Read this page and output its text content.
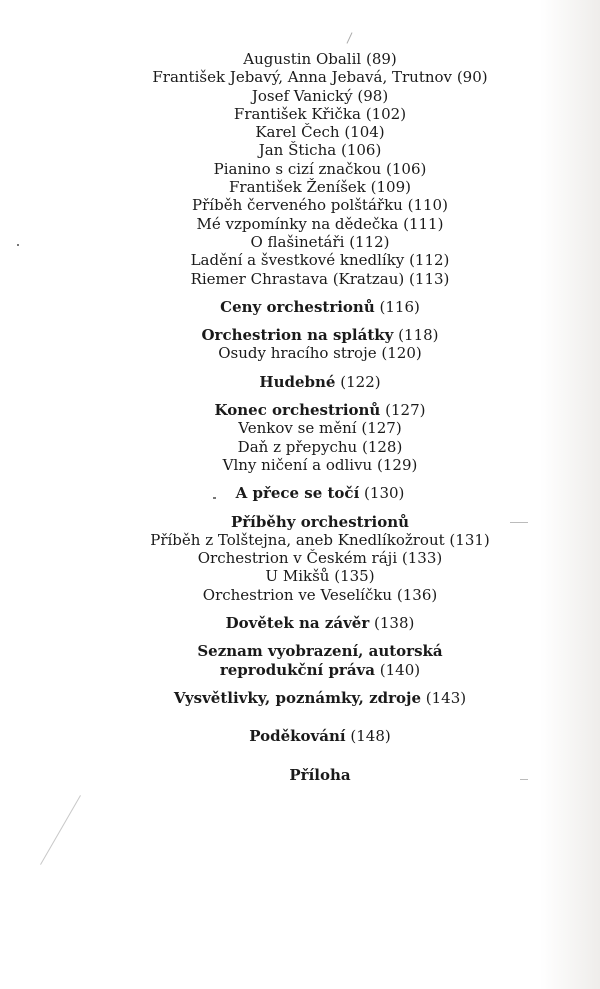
Augustin Obalil (89)
František Jebavý, Anna Jebavá, Trutnov (90)
Josef Vanický (98)
František Křička (102)
Karel Čech (104)
Jan Šticha (106)
Pianino s cizí značkou (106)
František Ženíšek (109)
Příběh červeného polštářku (110)
Mé vzpomínky na dědečka (111)
O flašinetáři (112)
Ladění a švestkové knedlíky (112)
Riemer Chrastava (Kratzau) (113)
Ceny orchestrionů (116)
Orchestrion na splátky (118)
Osudy hracího stroje (120)
Hudebné (122)
Konec orchestrionů (127)
Venkov se mění (127)
Daň z přepychu (128)
Vlny ničení a odlivu (129)
A přece se točí (130)
Příběhy orchestrionů
Příběh z Tolštejna, aneb Knedlíkožrout (131)
Orchestrion v Českém ráji (133)
U Mikšů (135)
Orchestrion ve Veselíčku (136)
Dovětek na závěr (138)
Seznam vyobrazení, autorská
reprodukční práva (140)
Vysvětlivky, poznámky, zdroje (143)
Poděkování (148)
Příloha
